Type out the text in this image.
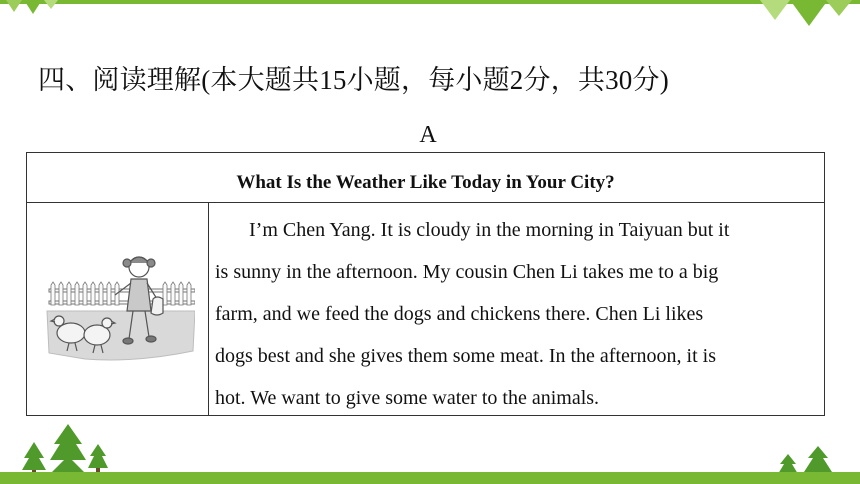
四、阅读理解(本大题共15小题，每小题2分，共30分)
A
What Is the Weather Like Today in Your City?
I’m Chen Yang. It is cloudy in the morning in Taiyuan but it
is sunny in the afternoon. My cousin Chen Li takes me to a big
farm, and we feed the dogs and chickens there. Chen Li likes
dogs best and she gives them some meat. In the afternoon, it is
hot. We want to give some water to the animals.
